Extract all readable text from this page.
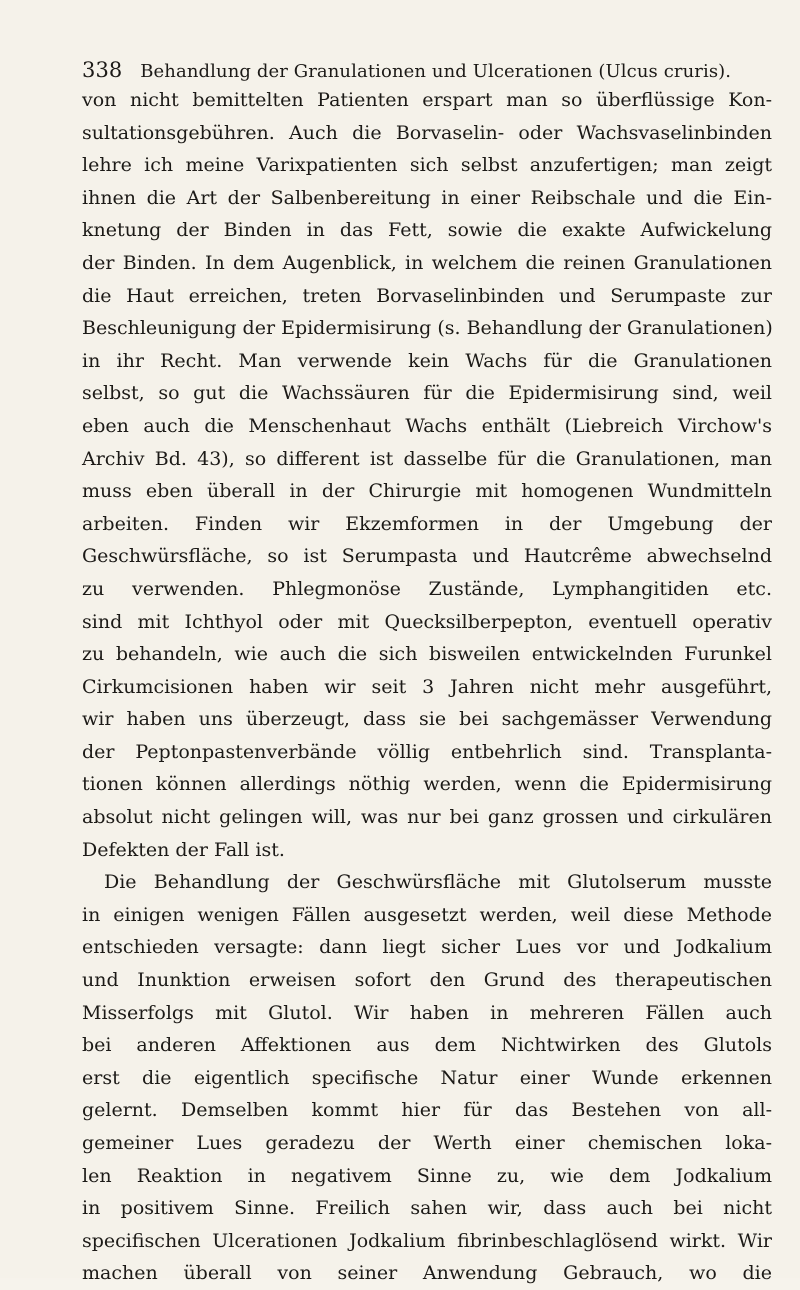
338 Behandlung der Granulationen und Ulcerationen (Ulcus cruris).
von nicht bemittelten Patienten erspart man so überflüssige Kon-
sultationsgebühren. Auch die Borvaselin- oder Wachsvaselinbinden
lehre ich meine Varixpatienten sich selbst anzufertigen; man zeigt
ihnen die Art der Salbenbereitung in einer Reibschale und die Ein-
knetung der Binden in das Fett, sowie die exakte Aufwickelung
der Binden. In dem Augenblick, in welchem die reinen Granulationen
die Haut erreichen, treten Borvaselinbinden und Serumpaste zur
Beschleunigung der Epidermisirung (s. Behandlung der Granulationen)
in ihr Recht. Man verwende kein Wachs für die Granulationen
selbst, so gut die Wachssäuren für die Epidermisirung sind, weil
eben auch die Menschenhaut Wachs enthält (Liebreich Virchow's
Archiv Bd. 43), so different ist dasselbe für die Granulationen, man
muss eben überall in der Chirurgie mit homogenen Wundmitteln
arbeiten. Finden wir Ekzemformen in der Umgebung der
Geschwürsfläche, so ist Serumpasta und Hautcrême abwechselnd
zu verwenden. Phlegmonöse Zustände, Lymphangitiden etc.
sind mit Ichthyol oder mit Quecksilberpepton, eventuell operativ
zu behandeln, wie auch die sich bisweilen entwickelnden Furunkel
Cirkumcisionen haben wir seit 3 Jahren nicht mehr ausgeführt,
wir haben uns überzeugt, dass sie bei sachgemässer Verwendung
der Peptonpastenverbände völlig entbehrlich sind. Transplanta-
tionen können allerdings nöthig werden, wenn die Epidermisirung
absolut nicht gelingen will, was nur bei ganz grossen und cirkulären
Defekten der Fall ist.
Die Behandlung der Geschwürsfläche mit Glutolserum musste
in einigen wenigen Fällen ausgesetzt werden, weil diese Methode
entschieden versagte: dann liegt sicher Lues vor und Jodkalium
und Inunktion erweisen sofort den Grund des therapeutischen
Misserfolgs mit Glutol. Wir haben in mehreren Fällen auch
bei anderen Affektionen aus dem Nichtwirken des Glutols
erst die eigentlich specifische Natur einer Wunde erkennen
gelernt. Demselben kommt hier für das Bestehen von all-
gemeiner Lues geradezu der Werth einer chemischen loka-
len Reaktion in negativem Sinne zu, wie dem Jodkalium
in positivem Sinne. Freilich sahen wir, dass auch bei nicht
specifischen Ulcerationen Jodkalium fibrinbeschlaglösend wirkt. Wir
machen überall von seiner Anwendung Gebrauch, wo die
